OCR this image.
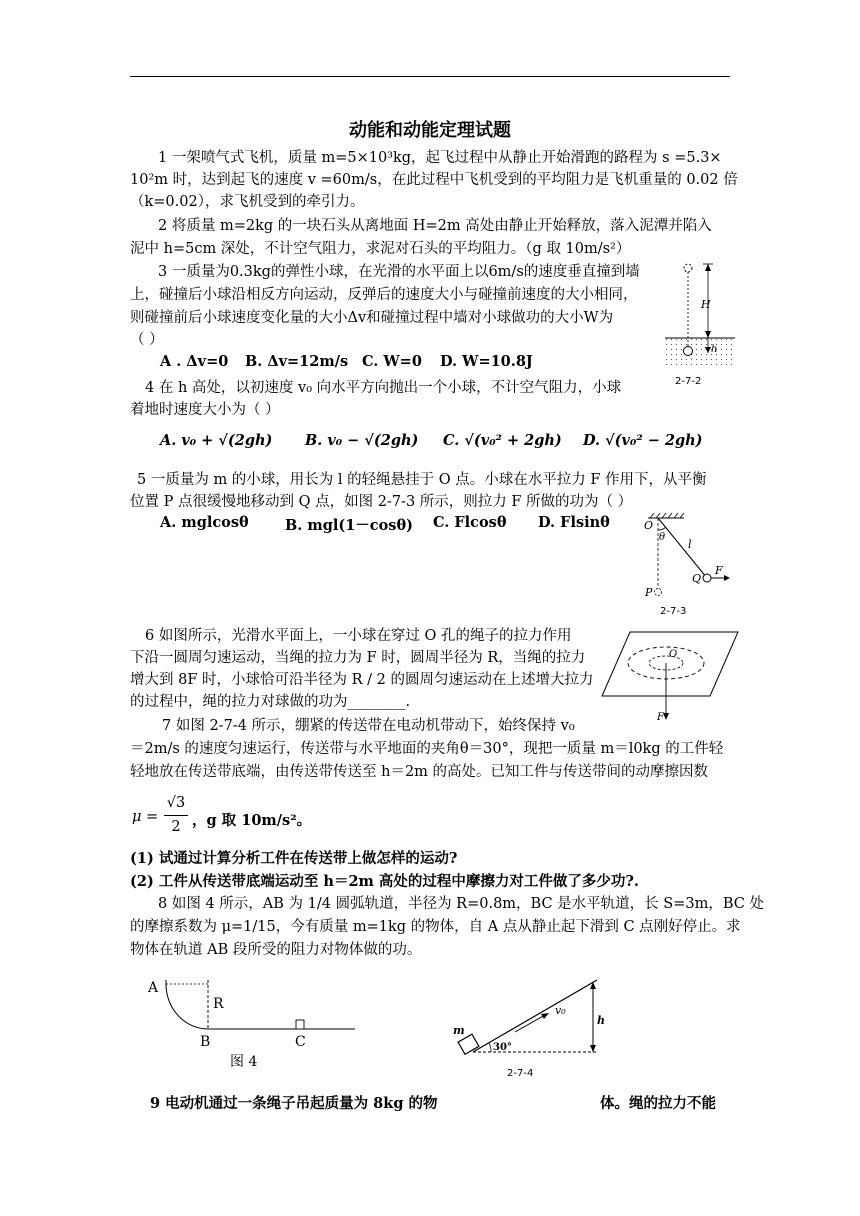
动能和动能定理试题
1 一架喷气式飞机，质量 m=5×10³kg，起飞过程中从静止开始滑跑的路程为 s =5.3×
10²m 时，达到起飞的速度 v =60m/s，在此过程中飞机受到的平均阻力是飞机重量的 0.02 倍
（k=0.02），求飞机受到的牵引力。
2 将质量 m=2kg 的一块石头从离地面 H=2m 高处由静止开始释放，落入泥潭并陷入
泥中 h=5cm 深处，不计空气阻力，求泥对石头的平均阻力。（g 取 10m/s²）
3 一质量为0.3kg的弹性小球，在光滑的水平面上以6m/s的速度垂直撞到墙
上，碰撞后小球沿相反方向运动，反弹后的速度大小与碰撞前速度的大小相同，
则碰撞前后小球速度变化量的大小Δv和碰撞过程中墙对小球做功的大小W为
（ ）
A . Δv=0 B. Δv=12m/s C. W=0 D. W=10.8J
H
h
2-7-2
4 在 h 高处，以初速度 v₀ 向水平方向抛出一个小球，不计空气阻力，小球
着地时速度大小为（ ）
A. v₀ + √(2gh) B. v₀ − √(2gh) C. √(v₀² + 2gh) D. √(v₀² − 2gh)
5 一质量为 m 的小球，用长为 l 的轻绳悬挂于 O 点。小球在水平拉力 F 作用下，从平衡
位置 P 点很缓慢地移动到 Q 点，如图 2-7-3 所示，则拉力 F 所做的功为（ ）
A. mglcosθ	B. mgl(1－cosθ) C. Flcosθ D. Flsinθ	O
θ
l
P
Q
F
2-7-3
6 如图所示，光滑水平面上，一小球在穿过 O 孔的绳子的拉力作用
下沿一圆周匀速运动，当绳的拉力为 F 时，圆周半径为 R，当绳的拉力
增大到 8F 时，小球恰可沿半径为 R / 2 的圆周匀速运动在上述增大拉力
的过程中，绳的拉力对球做的功为________.
O
F
7 如图 2-7-4 所示，绷紧的传送带在电动机带动下，始终保持 v₀
＝2m/s 的速度匀速运行，传送带与水平地面的夹角θ＝30°，现把一质量 m＝l0kg 的工件轻
轻地放在传送带底端，由传送带传送至 h＝2m 的高处。已知工件与传送带间的动摩擦因数
μ =
√3
2 ，g 取 10m/s²。
(1) 试通过计算分析工件在传送带上做怎样的运动?
(2) 工件从传送带底端运动至 h＝2m 高处的过程中摩擦力对工件做了多少功?.
8 如图 4 所示，AB 为 1/4 圆弧轨道，半径为 R=0.8m，BC 是水平轨道，长 S=3m，BC 处
的摩擦系数为 μ=1/15，今有质量 m=1kg 的物体，自 A 点从静止起下滑到 C 点刚好停止。求
物体在轨道 AB 段所受的阻力对物体做的功。
A
R
B	C
图 4
m
v₀
h
30°
2-7-4
9 电动机通过一条绳子吊起质量为 8kg 的物	体。绳的拉力不能
